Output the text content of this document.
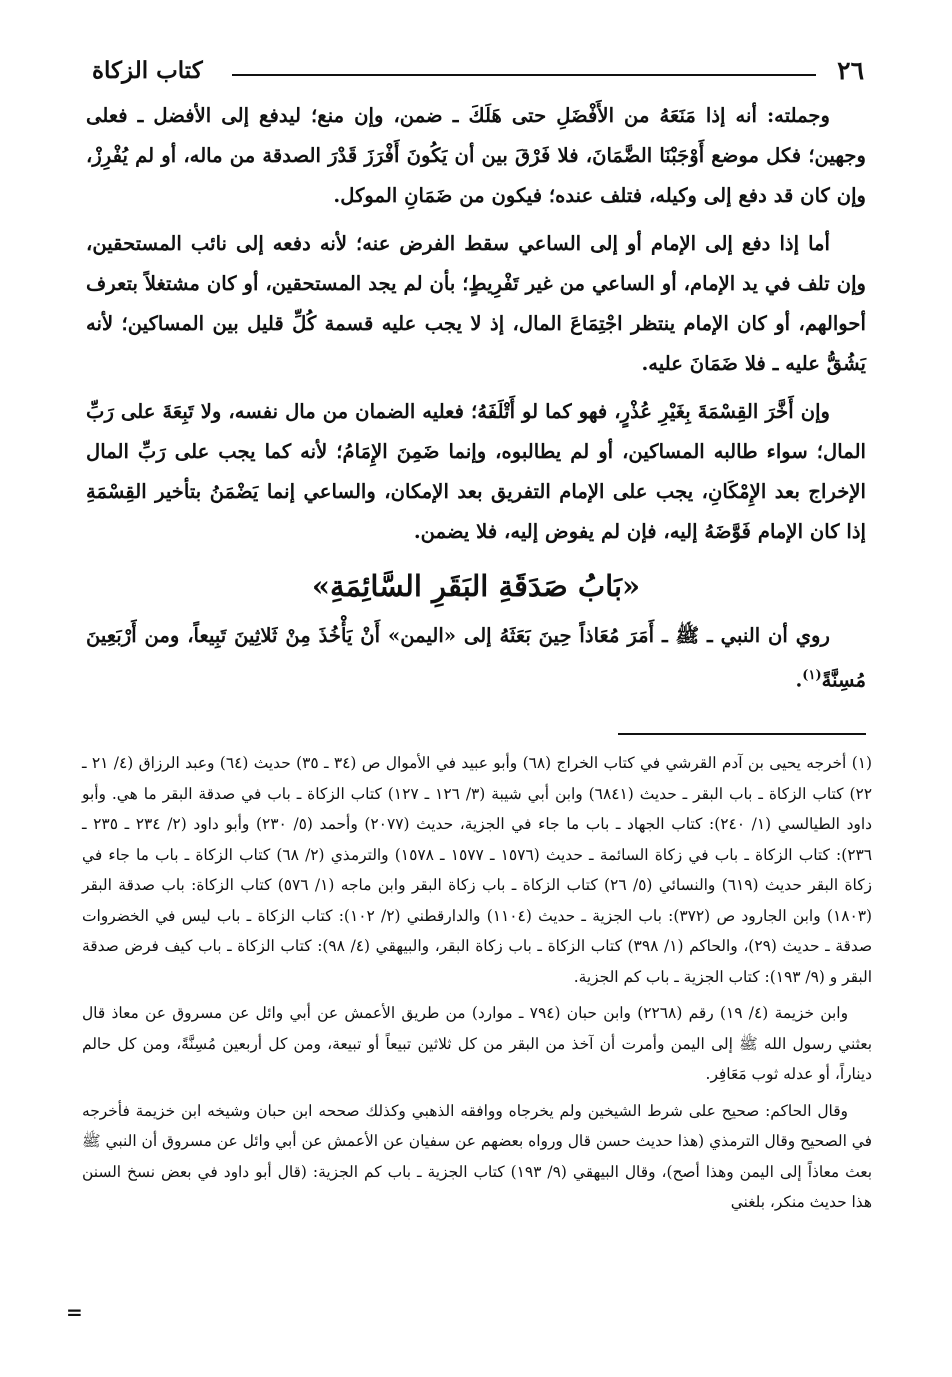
٢٦
كتاب الزكاة

وجملته: أنه إذا مَنَعَهُ من الأَفْضَلِ حتى هَلَكَ ـ ضمن، وإن منع؛ ليدفع إلى الأفضل ـ فعلى وجهين؛ فكل موضع أَوْجَبْنَا الضَّمَانَ، فلا فَرْقَ بين أن يَكُونَ أَفْرَزَ قَدْرَ الصدقة من ماله، أو لم يُفْرِزْ، وإن كان قد دفع إلى وكيله، فتلف عنده؛ فيكون من ضَمَانِ الموكل.

أما إذا دفع إلى الإمام أو إلى الساعي سقط الفرض عنه؛ لأنه دفعه إلى نائب المستحقين، وإن تلف في يد الإمام، أو الساعي من غير تَفْرِيطٍ؛ بأن لم يجد المستحقين، أو كان مشتغلاً بتعرف أحوالهم، أو كان الإمام ينتظر اجْتِمَاعَ المال، إذ لا يجب عليه قسمة كُلِّ قليل بين المساكين؛ لأنه يَشُقُّ عليه ـ فلا ضَمَانَ عليه.

وإن أَخَّرَ القِسْمَةَ بِغَيْرِ عُذْرٍ، فهو كما لو أَتْلَفَهُ؛ فعليه الضمان من مال نفسه، ولا تَبِعَةَ على رَبِّ المال؛ سواء طالبه المساكين، أو لم يطالبوه، وإنما ضَمِنَ الإِمَامُ؛ لأنه كما يجب على رَبِّ المال الإخراج بعد الإِمْكَانِ، يجب على الإمام التفريق بعد الإمكان، والساعي إنما يَضْمَنُ بتأخير القِسْمَةِ إذا كان الإمام فَوَّضَهُ إليه، فإن لم يفوض إليه، فلا يضمن.

«بَابُ صَدَقَةِ البَقَرِ السَّائِمَةِ»

روي أن النبي ـ ﷺ ـ أَمَرَ مُعَاذاً حِينَ بَعَثَهُ إلى «اليمن» أَنْ يَأْخُذَ مِنْ ثَلاثِينَ تَبِيعاً، ومن أَرْبَعِينَ مُسِنَّةً$^{(١)}$.

(١) أخرجه يحيى بن آدم القرشي في كتاب الخراج (٦٨) وأبو عبيد في الأموال ص (٣٤ ـ ٣٥) حديث (٦٤) وعبد الرزاق (٤/ ٢١ ـ ٢٢) كتاب الزكاة ـ باب البقر ـ حديث (٦٨٤١) وابن أبي شيبة (٣/ ١٢٦ ـ ١٢٧) كتاب الزكاة ـ باب في صدقة البقر ما هي. وأبو داود الطيالسي (١/ ٢٤٠): كتاب الجهاد ـ باب ما جاء في الجزية، حديث (٢٠٧٧) وأحمد (٥/ ٢٣٠) وأبو داود (٢/ ٢٣٤ ـ ٢٣٥ ـ ٢٣٦): كتاب الزكاة ـ باب في زكاة السائمة ـ حديث (١٥٧٦ ـ ١٥٧٧ ـ ١٥٧٨) والترمذي (٢/ ٦٨) كتاب الزكاة ـ باب ما جاء في زكاة البقر حديث (٦١٩) والنسائي (٥/ ٢٦) كتاب الزكاة ـ باب زكاة البقر وابن ماجه (١/ ٥٧٦) كتاب الزكاة: باب صدقة البقر (١٨٠٣) وابن الجارود ص (٣٧٢): باب الجزية ـ حديث (١١٠٤) والدارقطني (٢/ ١٠٢): كتاب الزكاة ـ باب ليس في الخضروات صدقة ـ حديث (٢٩)، والحاكم (١/ ٣٩٨) كتاب الزكاة ـ باب زكاة البقر، والبيهقي (٤/ ٩٨): كتاب الزكاة ـ باب كيف فرض صدقة البقر و (٩/ ١٩٣): كتاب الجزية ـ باب كم الجزية.

وابن خزيمة (٤/ ١٩) رقم (٢٢٦٨) وابن حبان (٧٩٤ ـ موارد) من طريق الأعمش عن أبي وائل عن مسروق عن معاذ قال بعثني رسول الله ﷺ إلى اليمن وأمرت أن آخذ من البقر من كل ثلاثين تبيعاً أو تبيعة، ومن كل أربعين مُسِنَّةً، ومن كل حالم ديناراً، أو عدله ثوب مَعَافِر.

وقال الحاكم: صحيح على شرط الشيخين ولم يخرجاه ووافقه الذهبي وكذلك صححه ابن حبان وشيخه ابن خزيمة فأخرجه في الصحيح وقال الترمذي (هذا حديث حسن قال ورواه بعضهم عن سفيان عن الأعمش عن أبي وائل عن مسروق أن النبي ﷺ بعث معاذاً إلى اليمن وهذا أصح)، وقال البيهقي (٩/ ١٩٣) كتاب الجزية ـ باب كم الجزية: (قال أبو داود في بعض نسخ السنن هذا حديث منكر، بلغني

=
